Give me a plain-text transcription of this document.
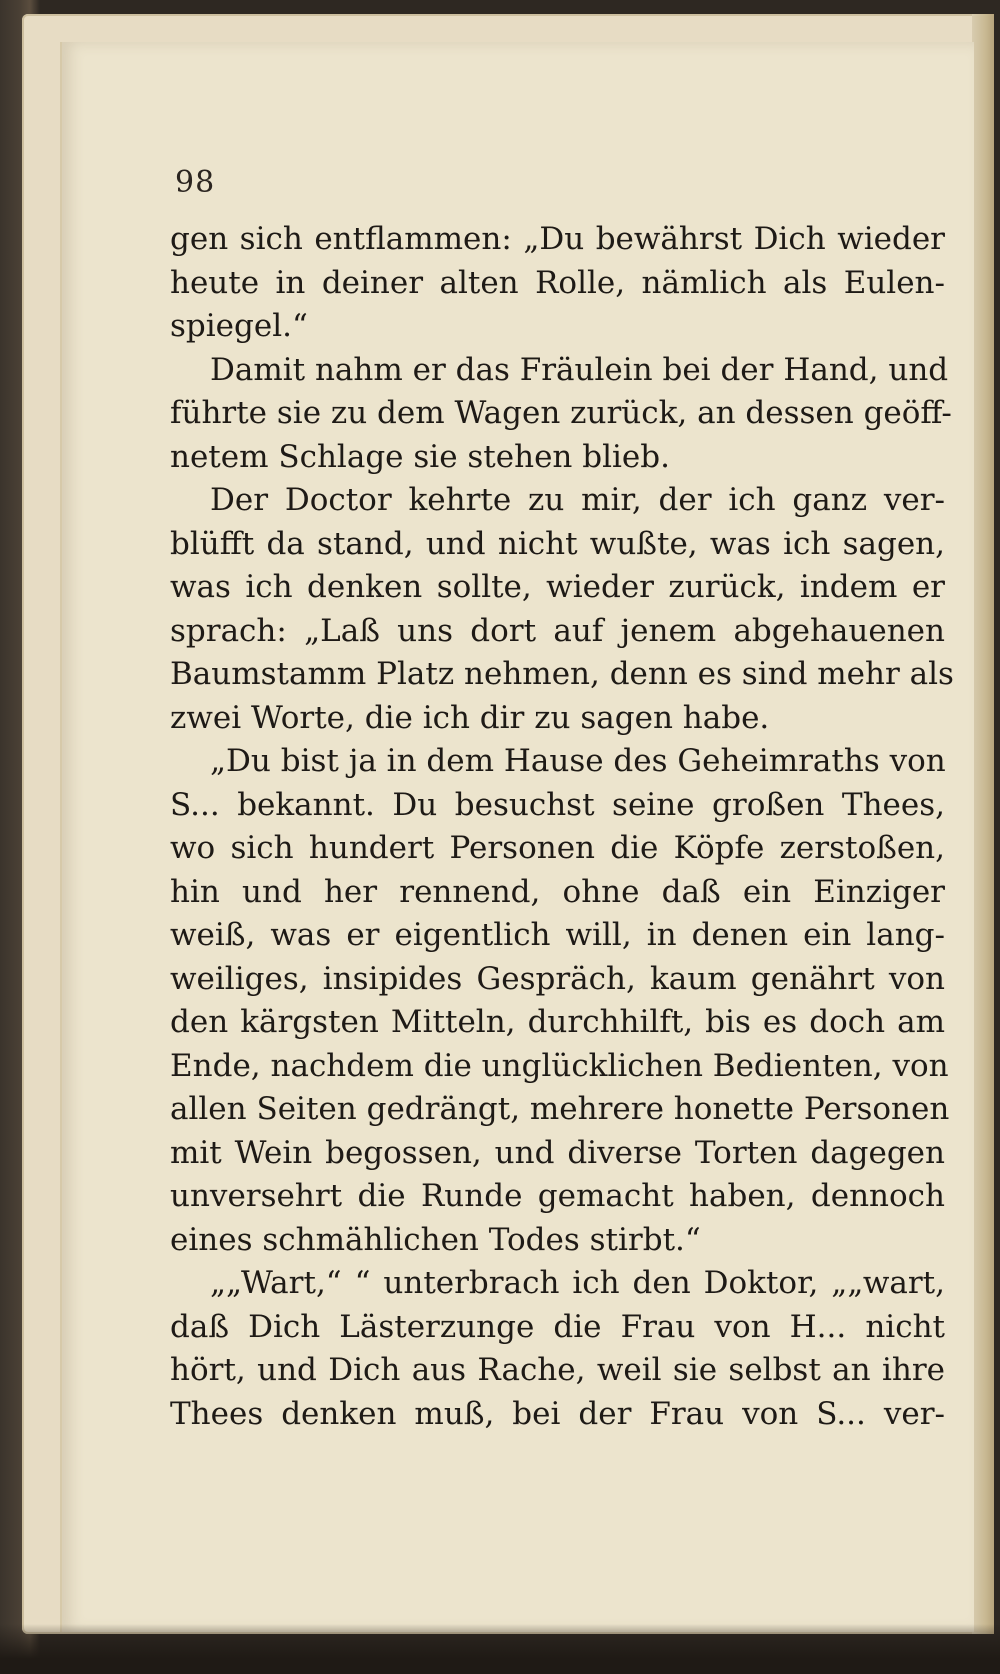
98

gen sich entflammen: „Du bewährst Dich wieder
heute in deiner alten Rolle, nämlich als Eulen-
spiegel.“
Damit nahm er das Fräulein bei der Hand, und
führte sie zu dem Wagen zurück, an dessen geöff-
netem Schlage sie stehen blieb.
Der Doctor kehrte zu mir, der ich ganz ver-
blüfft da stand, und nicht wußte, was ich sagen,
was ich denken sollte, wieder zurück, indem er
sprach: „Laß uns dort auf jenem abgehauenen
Baumstamm Platz nehmen, denn es sind mehr als
zwei Worte, die ich dir zu sagen habe.
„Du bist ja in dem Hause des Geheimraths von
S... bekannt. Du besuchst seine großen Thees,
wo sich hundert Personen die Köpfe zerstoßen,
hin und her rennend, ohne daß ein Einziger
weiß, was er eigentlich will, in denen ein lang-
weiliges, insipides Gespräch, kaum genährt von
den kärgsten Mitteln, durchhilft, bis es doch am
Ende, nachdem die unglücklichen Bedienten, von
allen Seiten gedrängt, mehrere honette Personen
mit Wein begossen, und diverse Torten dagegen
unversehrt die Runde gemacht haben, dennoch
eines schmählichen Todes stirbt.“
„„Wart,“ “ unterbrach ich den Doktor, „„wart,
daß Dich Lästerzunge die Frau von H... nicht
hört, und Dich aus Rache, weil sie selbst an ihre
Thees denken muß, bei der Frau von S... ver-
